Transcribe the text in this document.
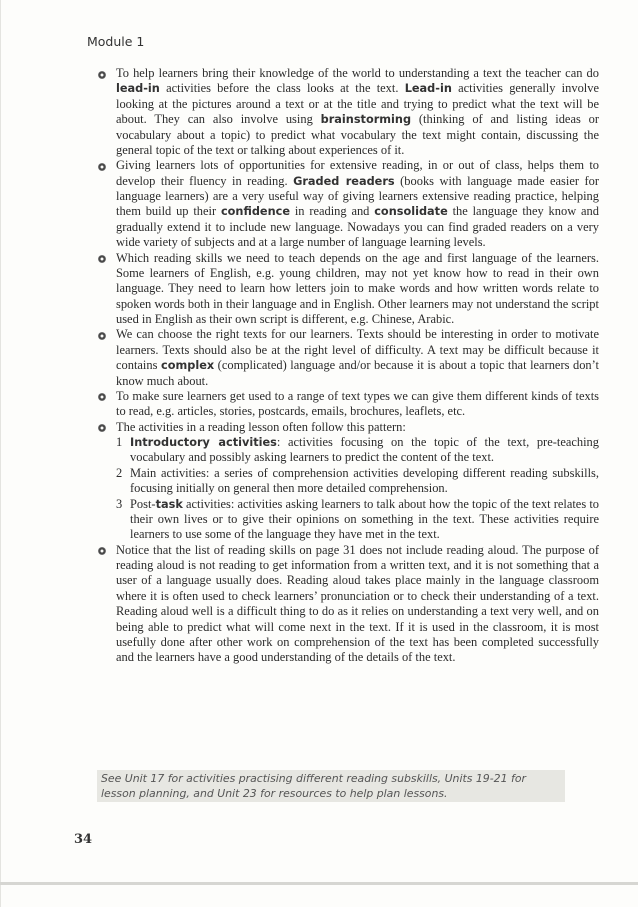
Module 1
To help learners bring their knowledge of the world to understanding a text the teacher can do lead-in activities before the class looks at the text. Lead-in activities generally involve looking at the pictures around a text or at the title and trying to predict what the text will be about. They can also involve using brainstorming (thinking of and listing ideas or vocabulary about a topic) to predict what vocabulary the text might contain, discussing the general topic of the text or talking about experiences of it.
Giving learners lots of opportunities for extensive reading, in or out of class, helps them to develop their fluency in reading. Graded readers (books with language made easier for language learners) are a very useful way of giving learners extensive reading practice, helping them build up their confidence in reading and consolidate the language they know and gradually extend it to include new language. Nowadays you can find graded readers on a very wide variety of subjects and at a large number of language learning levels.
Which reading skills we need to teach depends on the age and first language of the learners. Some learners of English, e.g. young children, may not yet know how to read in their own language. They need to learn how letters join to make words and how written words relate to spoken words both in their language and in English. Other learners may not understand the script used in English as their own script is different, e.g. Chinese, Arabic.
We can choose the right texts for our learners. Texts should be interesting in order to motivate learners. Texts should also be at the right level of difficulty. A text may be difficult because it contains complex (complicated) language and/or because it is about a topic that learners don’t know much about.
To make sure learners get used to a range of text types we can give them different kinds of texts to read, e.g. articles, stories, postcards, emails, brochures, leaflets, etc.
The activities in a reading lesson often follow this pattern:
1 Introductory activities: activities focusing on the topic of the text, pre-teaching vocabulary and possibly asking learners to predict the content of the text.
2 Main activities: a series of comprehension activities developing different reading subskills, focusing initially on general then more detailed comprehension.
3 Post-task activities: activities asking learners to talk about how the topic of the text relates to their own lives or to give their opinions on something in the text. These activities require learners to use some of the language they have met in the text.
Notice that the list of reading skills on page 31 does not include reading aloud. The purpose of reading aloud is not reading to get information from a written text, and it is not something that a user of a language usually does. Reading aloud takes place mainly in the language classroom where it is often used to check learners’ pronunciation or to check their understanding of a text. Reading aloud well is a difficult thing to do as it relies on understanding a text very well, and on being able to predict what will come next in the text. If it is used in the classroom, it is most usefully done after other work on comprehension of the text has been completed successfully and the learners have a good understanding of the details of the text.
See Unit 17 for activities practising different reading subskills, Units 19-21 for lesson planning, and Unit 23 for resources to help plan lessons.
34
